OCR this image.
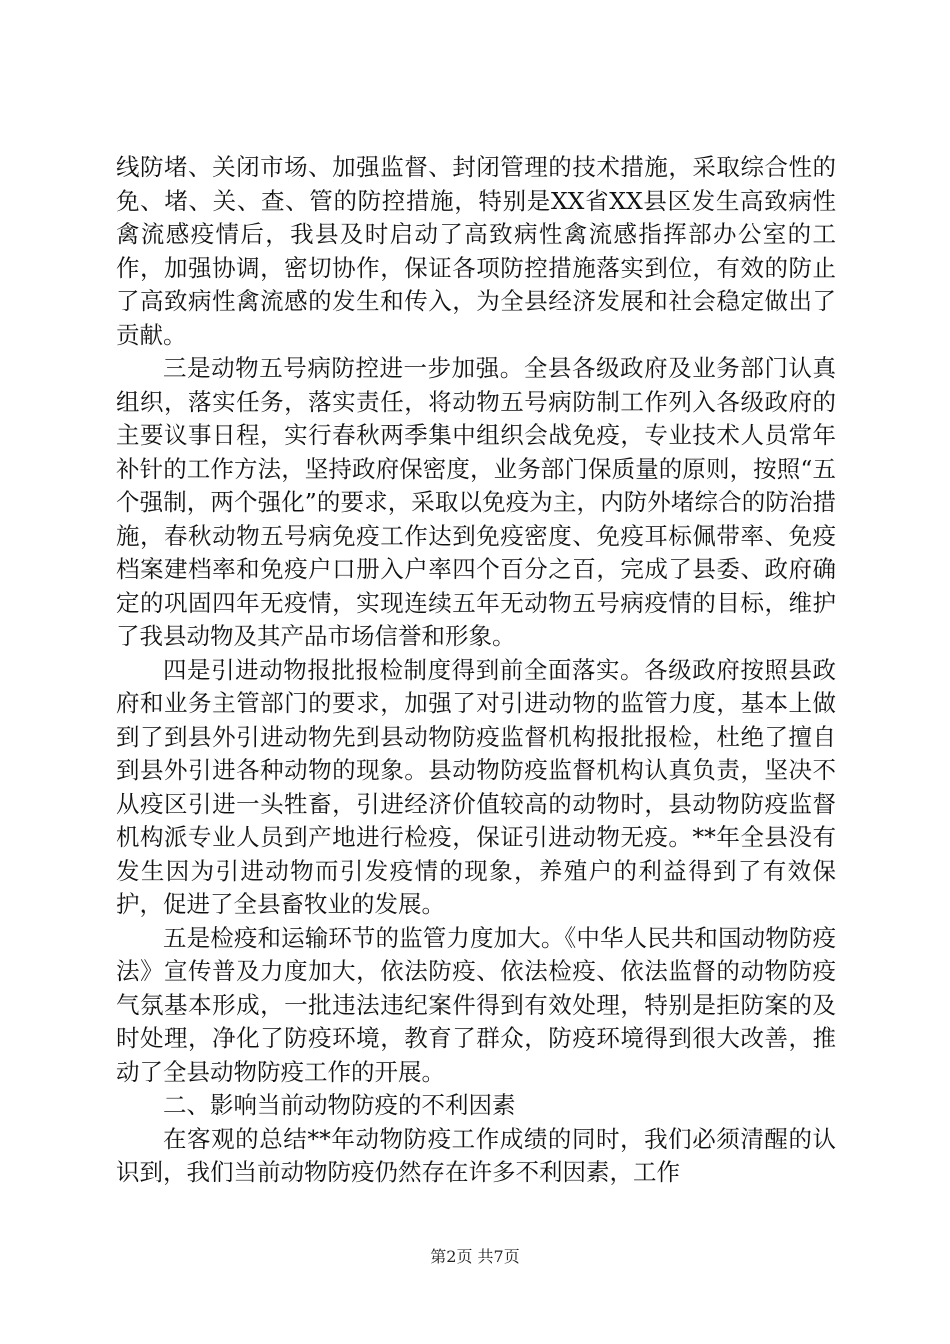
线防堵、关闭市场、加强监督、封闭管理的技术措施，采取综合性的免、堵、关、查、管的防控措施，特别是XX省XX县区发生高致病性禽流感疫情后，我县及时启动了高致病性禽流感指挥部办公室的工作，加强协调，密切协作，保证各项防控措施落实到位，有效的防止了高致病性禽流感的发生和传入，为全县经济发展和社会稳定做出了贡献。

三是动物五号病防控进一步加强。全县各级政府及业务部门认真组织，落实任务，落实责任，将动物五号病防制工作列入各级政府的主要议事日程，实行春秋两季集中组织会战免疫，专业技术人员常年补针的工作方法，坚持政府保密度，业务部门保质量的原则，按照“五个强制，两个强化”的要求，采取以免疫为主，内防外堵综合的防治措施，春秋动物五号病免疫工作达到免疫密度、免疫耳标佩带率、免疫档案建档率和免疫户口册入户率四个百分之百，完成了县委、政府确定的巩固四年无疫情，实现连续五年无动物五号病疫情的目标，维护了我县动物及其产品市场信誉和形象。

四是引进动物报批报检制度得到前全面落实。各级政府按照县政府和业务主管部门的要求，加强了对引进动物的监管力度，基本上做到了到县外引进动物先到县动物防疫监督机构报批报检，杜绝了擅自到县外引进各种动物的现象。县动物防疫监督机构认真负责，坚决不从疫区引进一头牲畜，引进经济价值较高的动物时，县动物防疫监督机构派专业人员到产地进行检疫，保证引进动物无疫。**年全县没有发生因为引进动物而引发疫情的现象，养殖户的利益得到了有效保护，促进了全县畜牧业的发展。

五是检疫和运输环节的监管力度加大。《中华人民共和国动物防疫法》宣传普及力度加大，依法防疫、依法检疫、依法监督的动物防疫气氛基本形成，一批违法违纪案件得到有效处理，特别是拒防案的及时处理，净化了防疫环境，教育了群众，防疫环境得到很大改善，推动了全县动物防疫工作的开展。

二、影响当前动物防疫的不利因素

在客观的总结**年动物防疫工作成绩的同时，我们必须清醒的认识到，我们当前动物防疫仍然存在许多不利因素，工作

第2页 共7页
